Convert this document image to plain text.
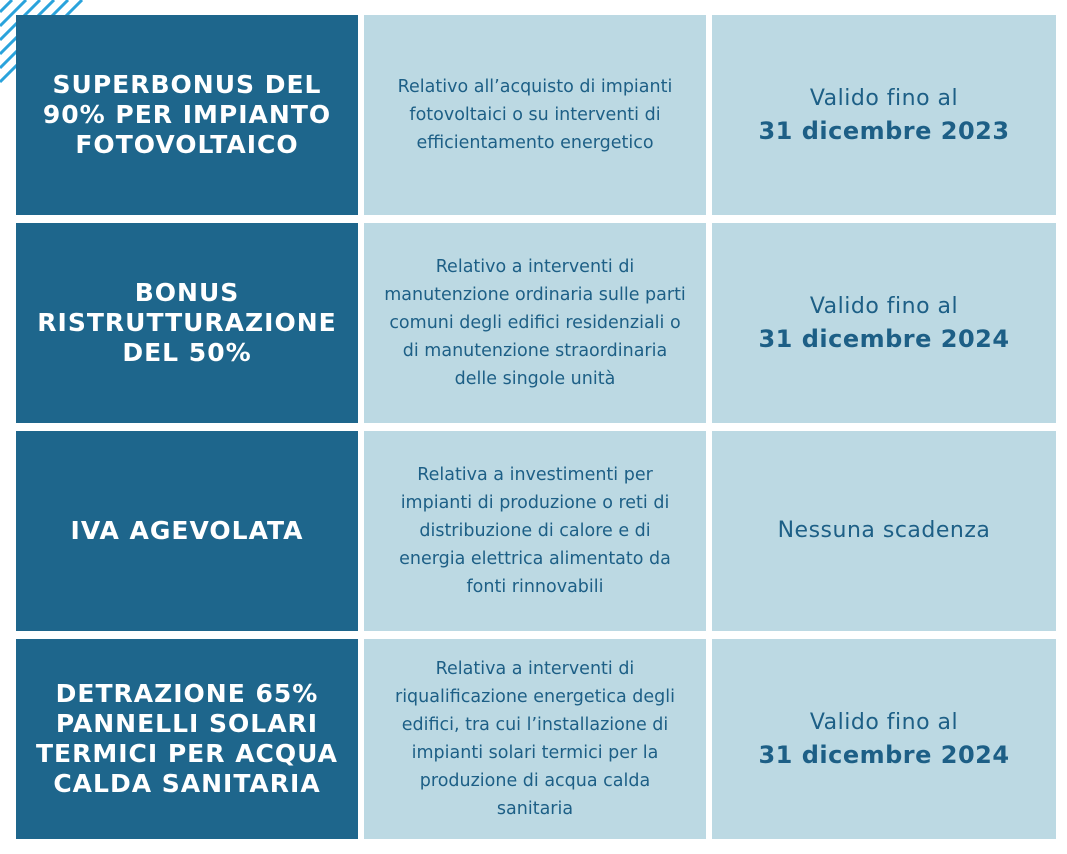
SUPERBONUS DEL 90% PER IMPIANTO FOTOVOLTAICO
Relativo all’acquisto di impianti fotovoltaici o su interventi di efficientamento energetico
Valido fino al
31 dicembre 2023
BONUS RISTRUTTURAZIONE DEL 50%
Relativo a interventi di manutenzione ordinaria sulle parti comuni degli edifici residenziali o di manutenzione straordinaria delle singole unità
Valido fino al
31 dicembre 2024
IVA AGEVOLATA
Relativa a investimenti per impianti di produzione o reti di distribuzione di calore e di energia elettrica alimentato da fonti rinnovabili
Nessuna scadenza
DETRAZIONE 65% PANNELLI SOLARI TERMICI PER ACQUA CALDA SANITARIA
Relativa a interventi di riqualificazione energetica degli edifici, tra cui l’installazione di impianti solari termici per la produzione di acqua calda sanitaria
Valido fino al
31 dicembre 2024
